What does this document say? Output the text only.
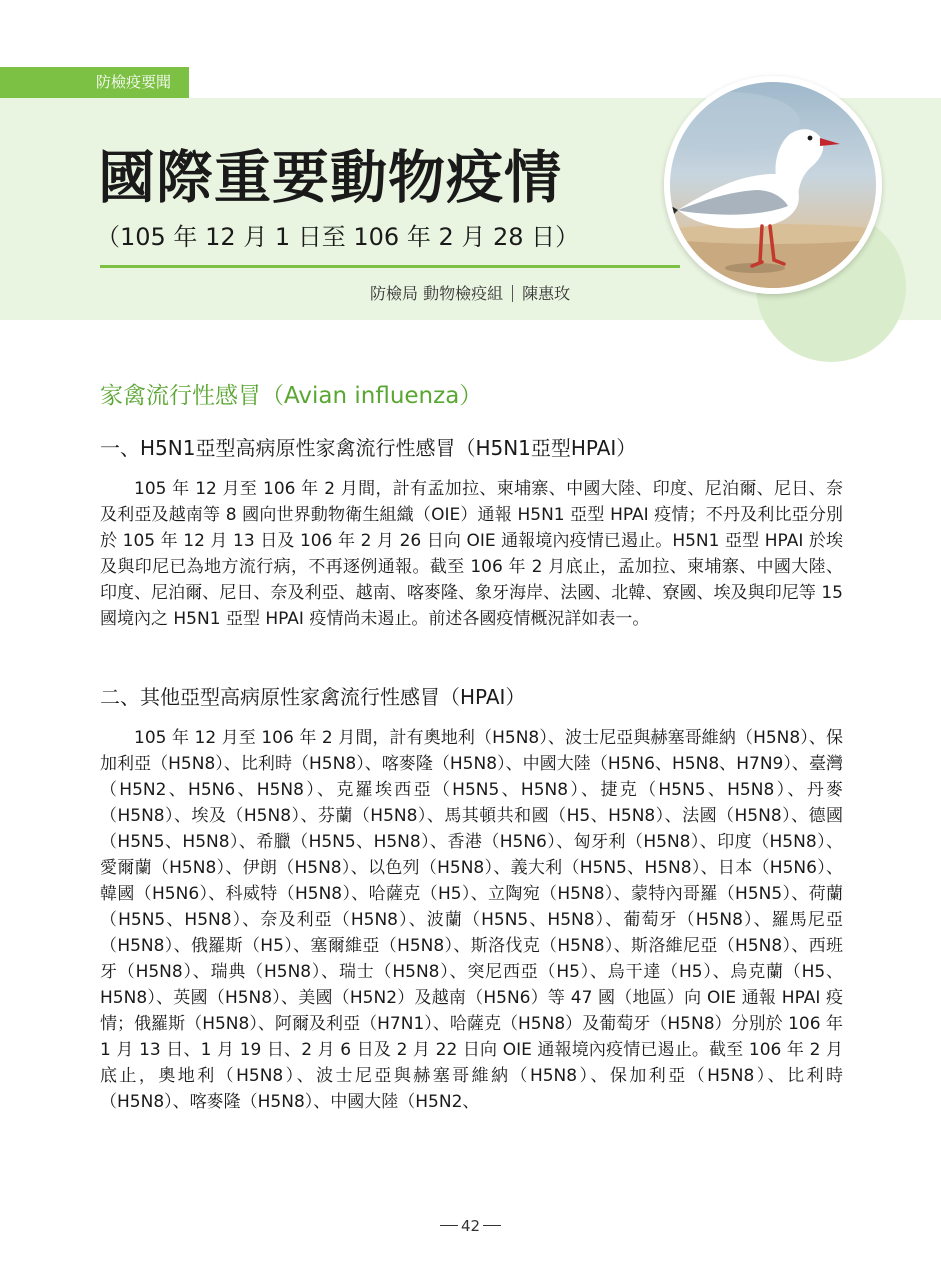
防檢疫要聞
國際重要動物疫情
（105 年 12 月 1 日至 106 年 2 月 28 日）
防檢局 動物檢疫組 陳惠玫
家禽流行性感冒（Avian influenza）
一、H5N1亞型高病原性家禽流行性感冒（H5N1亞型HPAI）

105 年 12 月至 106 年 2 月間，計有孟加拉、柬埔寨、中國大陸、印度、尼泊爾、尼日、奈及利亞及越南等 8 國向世界動物衛生組織（OIE）通報 H5N1 亞型 HPAI 疫情；不丹及利比亞分別於 105 年 12 月 13 日及 106 年 2 月 26 日向 OIE 通報境內疫情已遏止。H5N1 亞型 HPAI 於埃及與印尼已為地方流行病，不再逐例通報。截至 106 年 2 月底止，孟加拉、柬埔寨、中國大陸、印度、尼泊爾、尼日、奈及利亞、越南、喀麥隆、象牙海岸、法國、北韓、寮國、埃及與印尼等 15 國境內之 H5N1 亞型 HPAI 疫情尚未遏止。前述各國疫情概況詳如表一。

二、其他亞型高病原性家禽流行性感冒（HPAI）

105 年 12 月至 106 年 2 月間，計有奧地利（H5N8）、波士尼亞與赫塞哥維納（H5N8）、保加利亞（H5N8）、比利時（H5N8）、喀麥隆（H5N8）、中國大陸（H5N6、H5N8、H7N9）、臺灣（H5N2、H5N6、H5N8）、克羅埃西亞（H5N5、H5N8）、捷克（H5N5、H5N8）、丹麥（H5N8）、埃及（H5N8）、芬蘭（H5N8）、馬其頓共和國（H5、H5N8）、法國（H5N8）、德國（H5N5、H5N8）、希臘（H5N5、H5N8）、香港（H5N6）、匈牙利（H5N8）、印度（H5N8）、愛爾蘭（H5N8）、伊朗（H5N8）、以色列（H5N8）、義大利（H5N5、H5N8）、日本（H5N6）、韓國（H5N6）、科威特（H5N8）、哈薩克（H5）、立陶宛（H5N8）、蒙特內哥羅（H5N5）、荷蘭（H5N5、H5N8）、奈及利亞（H5N8）、波蘭（H5N5、H5N8）、葡萄牙（H5N8）、羅馬尼亞（H5N8）、俄羅斯（H5）、塞爾維亞（H5N8）、斯洛伐克（H5N8）、斯洛維尼亞（H5N8）、西班牙（H5N8）、瑞典（H5N8）、瑞士（H5N8）、突尼西亞（H5）、烏干達（H5）、烏克蘭（H5、H5N8）、英國（H5N8）、美國（H5N2）及越南（H5N6）等 47 國（地區）向 OIE 通報 HPAI 疫情；俄羅斯（H5N8）、阿爾及利亞（H7N1）、哈薩克（H5N8）及葡萄牙（H5N8）分別於 106 年 1 月 13 日、1 月 19 日、2 月 6 日及 2 月 22 日向 OIE 通報境內疫情已遏止。截至 106 年 2 月底止，奧地利（H5N8）、波士尼亞與赫塞哥維納（H5N8）、保加利亞（H5N8）、比利時（H5N8）、喀麥隆（H5N8）、中國大陸（H5N2、

42
